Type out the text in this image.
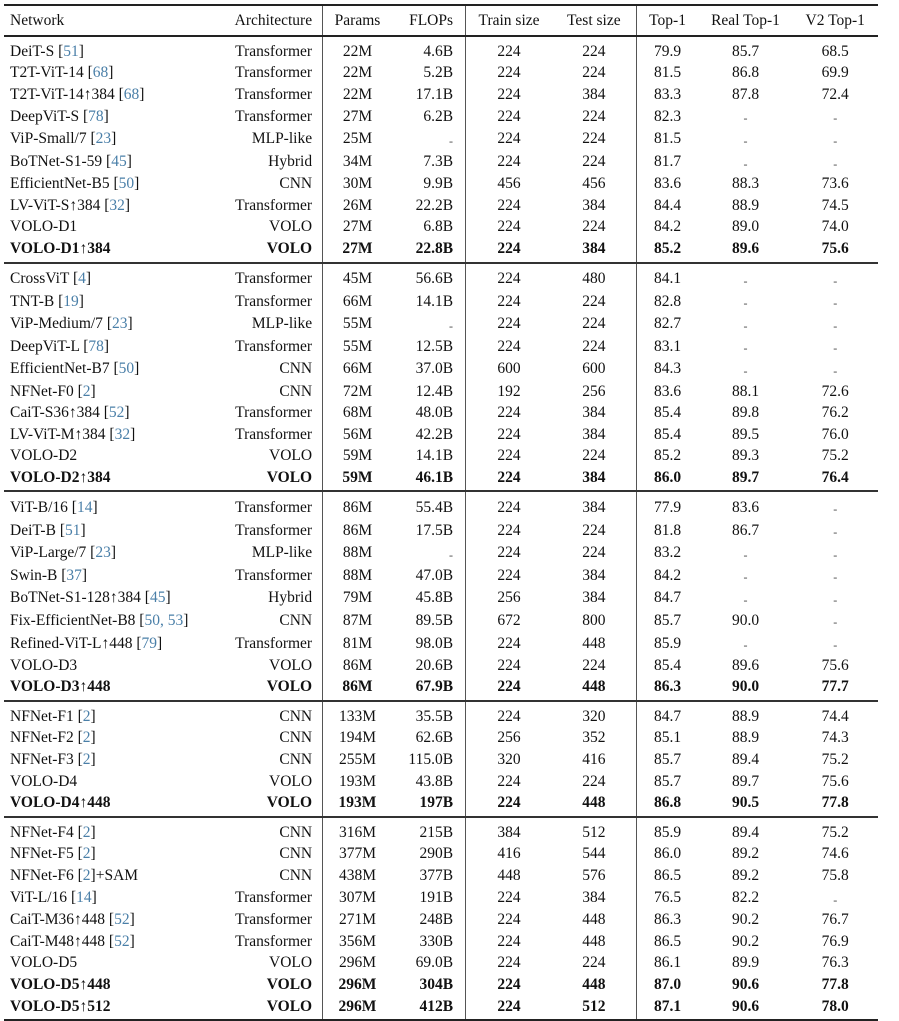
Network	Architecture	Params	FLOPs	Train size	Test size	Top-1	Real Top-1	V2 Top-1
DeiT-S [51]	Transformer	22M	4.6B	224	224	79.9	85.7	68.5
T2T-ViT-14 [68]	Transformer	22M	5.2B	224	224	81.5	86.8	69.9
T2T-ViT-14↑384 [68]	Transformer	22M	17.1B	224	384	83.3	87.8	72.4
DeepViT-S [78]	Transformer	27M	6.2B	224	224	82.3	-	-
ViP-Small/7 [23]	MLP-like	25M	-	224	224	81.5	-	-
BoTNet-S1-59 [45]	Hybrid	34M	7.3B	224	224	81.7	-	-
EfficientNet-B5 [50]	CNN	30M	9.9B	456	456	83.6	88.3	73.6
LV-ViT-S↑384 [32]	Transformer	26M	22.2B	224	384	84.4	88.9	74.5
VOLO-D1	VOLO	27M	6.8B	224	224	84.2	89.0	74.0
VOLO-D1↑384	VOLO	27M	22.8B	224	384	85.2	89.6	75.6
CrossViT [4]	Transformer	45M	56.6B	224	480	84.1	-	-
TNT-B [19]	Transformer	66M	14.1B	224	224	82.8	-	-
ViP-Medium/7 [23]	MLP-like	55M	-	224	224	82.7	-	-
DeepViT-L [78]	Transformer	55M	12.5B	224	224	83.1	-	-
EfficientNet-B7 [50]	CNN	66M	37.0B	600	600	84.3	-	-
NFNet-F0 [2]	CNN	72M	12.4B	192	256	83.6	88.1	72.6
CaiT-S36↑384 [52]	Transformer	68M	48.0B	224	384	85.4	89.8	76.2
LV-ViT-M↑384 [32]	Transformer	56M	42.2B	224	384	85.4	89.5	76.0
VOLO-D2	VOLO	59M	14.1B	224	224	85.2	89.3	75.2
VOLO-D2↑384	VOLO	59M	46.1B	224	384	86.0	89.7	76.4
ViT-B/16 [14]	Transformer	86M	55.4B	224	384	77.9	83.6	-
DeiT-B [51]	Transformer	86M	17.5B	224	224	81.8	86.7	-
ViP-Large/7 [23]	MLP-like	88M	-	224	224	83.2	-	-
Swin-B [37]	Transformer	88M	47.0B	224	384	84.2	-	-
BoTNet-S1-128↑384 [45]	Hybrid	79M	45.8B	256	384	84.7	-	-
Fix-EfficientNet-B8 [50, 53]	CNN	87M	89.5B	672	800	85.7	90.0	-
Refined-ViT-L↑448 [79]	Transformer	81M	98.0B	224	448	85.9	-	-
VOLO-D3	VOLO	86M	20.6B	224	224	85.4	89.6	75.6
VOLO-D3↑448	VOLO	86M	67.9B	224	448	86.3	90.0	77.7
NFNet-F1 [2]	CNN	133M	35.5B	224	320	84.7	88.9	74.4
NFNet-F2 [2]	CNN	194M	62.6B	256	352	85.1	88.9	74.3
NFNet-F3 [2]	CNN	255M	115.0B	320	416	85.7	89.4	75.2
VOLO-D4	VOLO	193M	43.8B	224	224	85.7	89.7	75.6
VOLO-D4↑448	VOLO	193M	197B	224	448	86.8	90.5	77.8
NFNet-F4 [2]	CNN	316M	215B	384	512	85.9	89.4	75.2
NFNet-F5 [2]	CNN	377M	290B	416	544	86.0	89.2	74.6
NFNet-F6 [2]+SAM	CNN	438M	377B	448	576	86.5	89.2	75.8
ViT-L/16 [14]	Transformer	307M	191B	224	384	76.5	82.2	-
CaiT-M36↑448 [52]	Transformer	271M	248B	224	448	86.3	90.2	76.7
CaiT-M48↑448 [52]	Transformer	356M	330B	224	448	86.5	90.2	76.9
VOLO-D5	VOLO	296M	69.0B	224	224	86.1	89.9	76.3
VOLO-D5↑448	VOLO	296M	304B	224	448	87.0	90.6	77.8
VOLO-D5↑512	VOLO	296M	412B	224	512	87.1	90.6	78.0
